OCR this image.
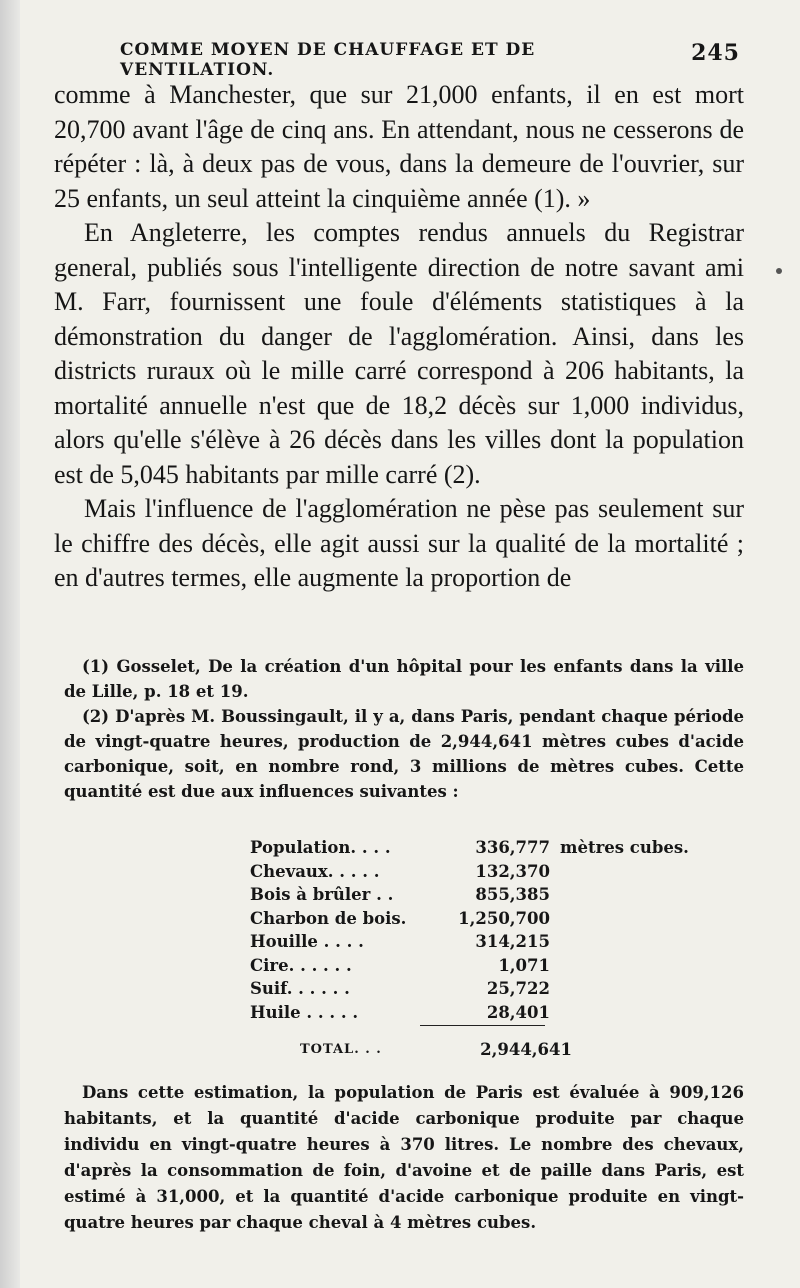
COMME MOYEN DE CHAUFFAGE ET DE VENTILATION.
245

comme à Manchester, que sur 21,000 enfants, il en est mort 20,700 avant l'âge de cinq ans. En attendant, nous ne cesserons de répéter : là, à deux pas de vous, dans la demeure de l'ouvrier, sur 25 enfants, un seul atteint la cinquième année (1). »

En Angleterre, les comptes rendus annuels du Registrar general, publiés sous l'intelligente direction de notre savant ami M. Farr, fournissent une foule d'éléments statistiques à la démonstration du danger de l'agglomération. Ainsi, dans les districts ruraux où le mille carré correspond à 206 habitants, la mortalité annuelle n'est que de 18,2 décès sur 1,000 individus, alors qu'elle s'élève à 26 décès dans les villes dont la population est de 5,045 habitants par mille carré (2).

Mais l'influence de l'agglomération ne pèse pas seulement sur le chiffre des décès, elle agit aussi sur la qualité de la mortalité ; en d'autres termes, elle augmente la proportion de

(1) Gosselet, De la création d'un hôpital pour les enfants dans la ville de Lille, p. 18 et 19.

(2) D'après M. Boussingault, il y a, dans Paris, pendant chaque période de vingt-quatre heures, production de 2,944,641 mètres cubes d'acide carbonique, soit, en nombre rond, 3 millions de mètres cubes. Cette quantité est due aux influences suivantes :

Population. . . .	336,777 mètres cubes.
Chevaux. . . . .	132,370
Bois à brûler . .	855,385
Charbon de bois.	1,250,700
Houille . . . .	314,215
Cire. . . . . .	1,071
Suif. . . . . .	25,722
Huile . . . . .	28,401
TOTAL. . .	2,944,641

Dans cette estimation, la population de Paris est évaluée à 909,126 habitants, et la quantité d'acide carbonique produite par chaque individu en vingt-quatre heures à 370 litres. Le nombre des chevaux, d'après la consommation de foin, d'avoine et de paille dans Paris, est estimé à 31,000, et la quantité d'acide carbonique produite en vingt-quatre heures par chaque cheval à 4 mètres cubes.
